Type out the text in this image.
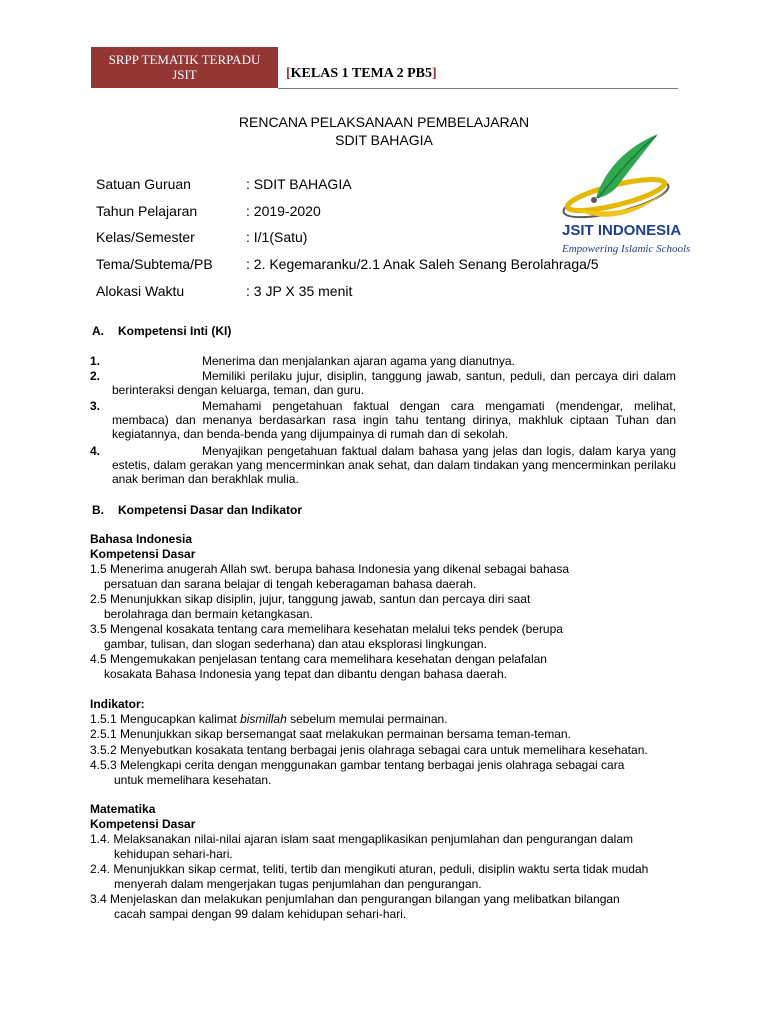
SRPP TEMATIK TERPADU
JSIT	[KELAS 1 TEMA 2 PB5]
RENCANA PELAKSANAAN PEMBELAJARAN
SDIT BAHAGIA
JSIT INDONESIA
Empowering Islamic Schools
Satuan Guruan	: SDIT BAHAGIA
Tahun Pelajaran	: 2019-2020
Kelas/Semester	: I/1(Satu)
Tema/Subtema/PB : 2. Kegemaranku/2.1 Anak Saleh Senang Berolahraga/5
Alokasi Waktu	: 3 JP X 35 menit
A. Kompetensi Inti (KI)
1.	Menerima dan menjalankan ajaran agama yang dianutnya.
2.	Memiliki perilaku jujur, disiplin, tanggung jawab, santun, peduli, dan percaya diri dalam berinteraksi dengan keluarga, teman, dan guru.
3.	Memahami pengetahuan faktual dengan cara mengamati (mendengar, melihat, membaca) dan menanya berdasarkan rasa ingin tahu tentang dirinya, makhluk ciptaan Tuhan dan kegiatannya, dan benda-benda yang dijumpainya di rumah dan di sekolah.
4.	Menyajikan pengetahuan faktual dalam bahasa yang jelas dan logis, dalam karya yang estetis, dalam gerakan yang mencerminkan anak sehat, dan dalam tindakan yang mencerminkan perilaku anak beriman dan berakhlak mulia.
B. Kompetensi Dasar dan Indikator
Bahasa Indonesia
Kompetensi Dasar
1.5 Menerima anugerah Allah swt. berupa bahasa Indonesia yang dikenal sebagai bahasa
persatuan dan sarana belajar di tengah keberagaman bahasa daerah.
2.5 Menunjukkan sikap disiplin, jujur, tanggung jawab, santun dan percaya diri saat
berolahraga dan bermain ketangkasan.
3.5 Mengenal kosakata tentang cara memelihara kesehatan melalui teks pendek (berupa
gambar, tulisan, dan slogan sederhana) dan atau eksplorasi lingkungan.
4.5 Mengemukakan penjelasan tentang cara memelihara kesehatan dengan pelafalan
kosakata Bahasa Indonesia yang tepat dan dibantu dengan bahasa daerah.
Indikator:
1.5.1 Mengucapkan kalimat bismillah sebelum memulai permainan.
2.5.1 Menunjukkan sikap bersemangat saat melakukan permainan bersama teman-teman.
3.5.2 Menyebutkan kosakata tentang berbagai jenis olahraga sebagai cara untuk memelihara kesehatan.
4.5.3 Melengkapi cerita dengan menggunakan gambar tentang berbagai jenis olahraga sebagai cara
untuk memelihara kesehatan.
Matematika
Kompetensi Dasar
1.4. Melaksanakan nilai-nilai ajaran islam saat mengaplikasikan penjumlahan dan pengurangan dalam
kehidupan sehari-hari.
2.4. Menunjukkan sikap cermat, teliti, tertib dan mengikuti aturan, peduli, disiplin waktu serta tidak mudah
menyerah dalam mengerjakan tugas penjumlahan dan pengurangan.
3.4 Menjelaskan dan melakukan penjumlahan dan pengurangan bilangan yang melibatkan bilangan
cacah sampai dengan 99 dalam kehidupan sehari-hari.
